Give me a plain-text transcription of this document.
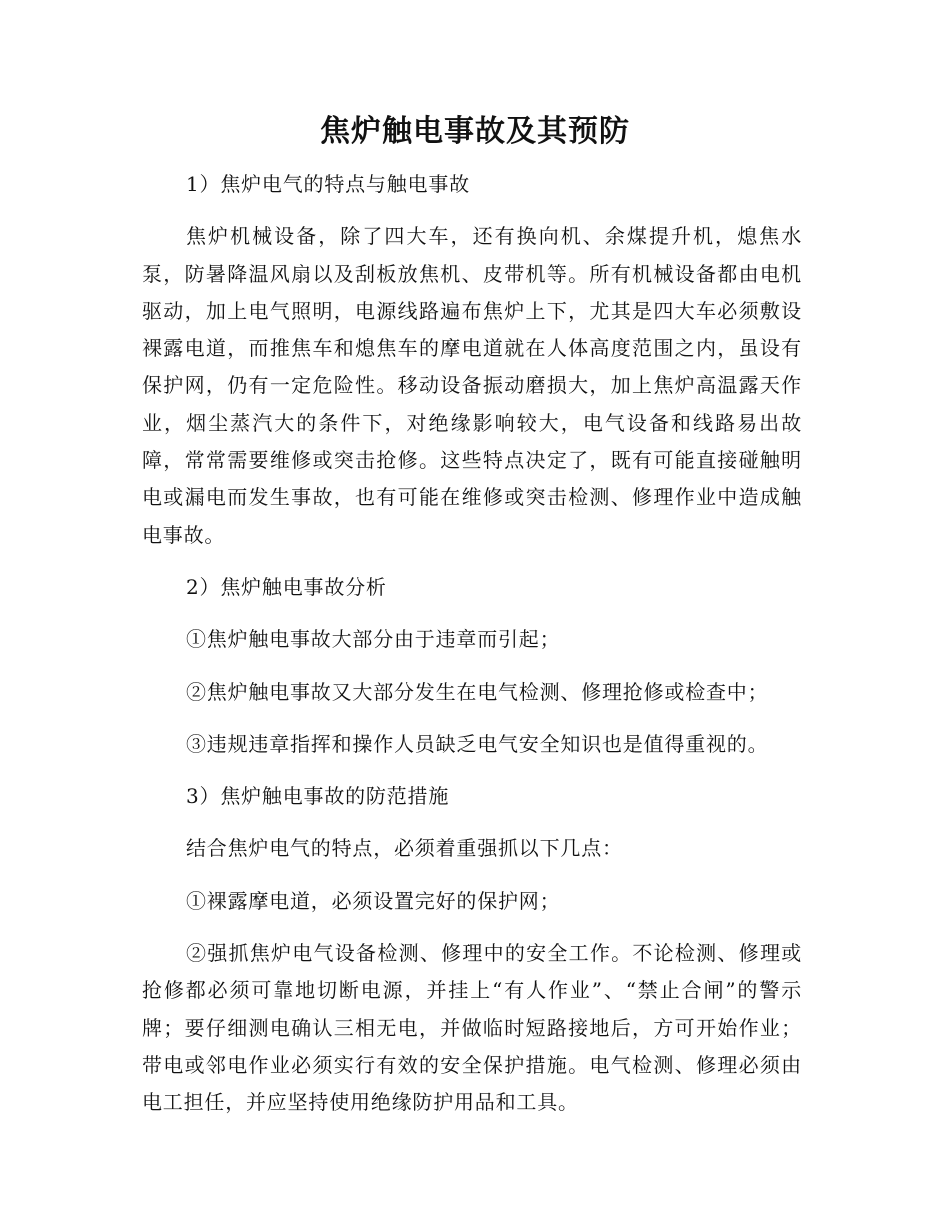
焦炉触电事故及其预防

1）焦炉电气的特点与触电事故

焦炉机械设备，除了四大车，还有换向机、余煤提升机，熄焦水泵，防暑降温风扇以及刮板放焦机、皮带机等。所有机械设备都由电机驱动，加上电气照明，电源线路遍布焦炉上下，尤其是四大车必须敷设裸露电道，而推焦车和熄焦车的摩电道就在人体高度范围之内，虽设有保护网，仍有一定危险性。移动设备振动磨损大，加上焦炉高温露天作业，烟尘蒸汽大的条件下，对绝缘影响较大，电气设备和线路易出故障，常常需要维修或突击抢修。这些特点决定了，既有可能直接碰触明电或漏电而发生事故，也有可能在维修或突击检测、修理作业中造成触电事故。

2）焦炉触电事故分析

①焦炉触电事故大部分由于违章而引起；

②焦炉触电事故又大部分发生在电气检测、修理抢修或检查中；

③违规违章指挥和操作人员缺乏电气安全知识也是值得重视的。

3）焦炉触电事故的防范措施

结合焦炉电气的特点，必须着重强抓以下几点：

①裸露摩电道，必须设置完好的保护网；

②强抓焦炉电气设备检测、修理中的安全工作。不论检测、修理或抢修都必须可靠地切断电源，并挂上“有人作业”、“禁止合闸”的警示牌；要仔细测电确认三相无电，并做临时短路接地后，方可开始作业；带电或邻电作业必须实行有效的安全保护措施。电气检测、修理必须由电工担任，并应坚持使用绝缘防护用品和工具。
